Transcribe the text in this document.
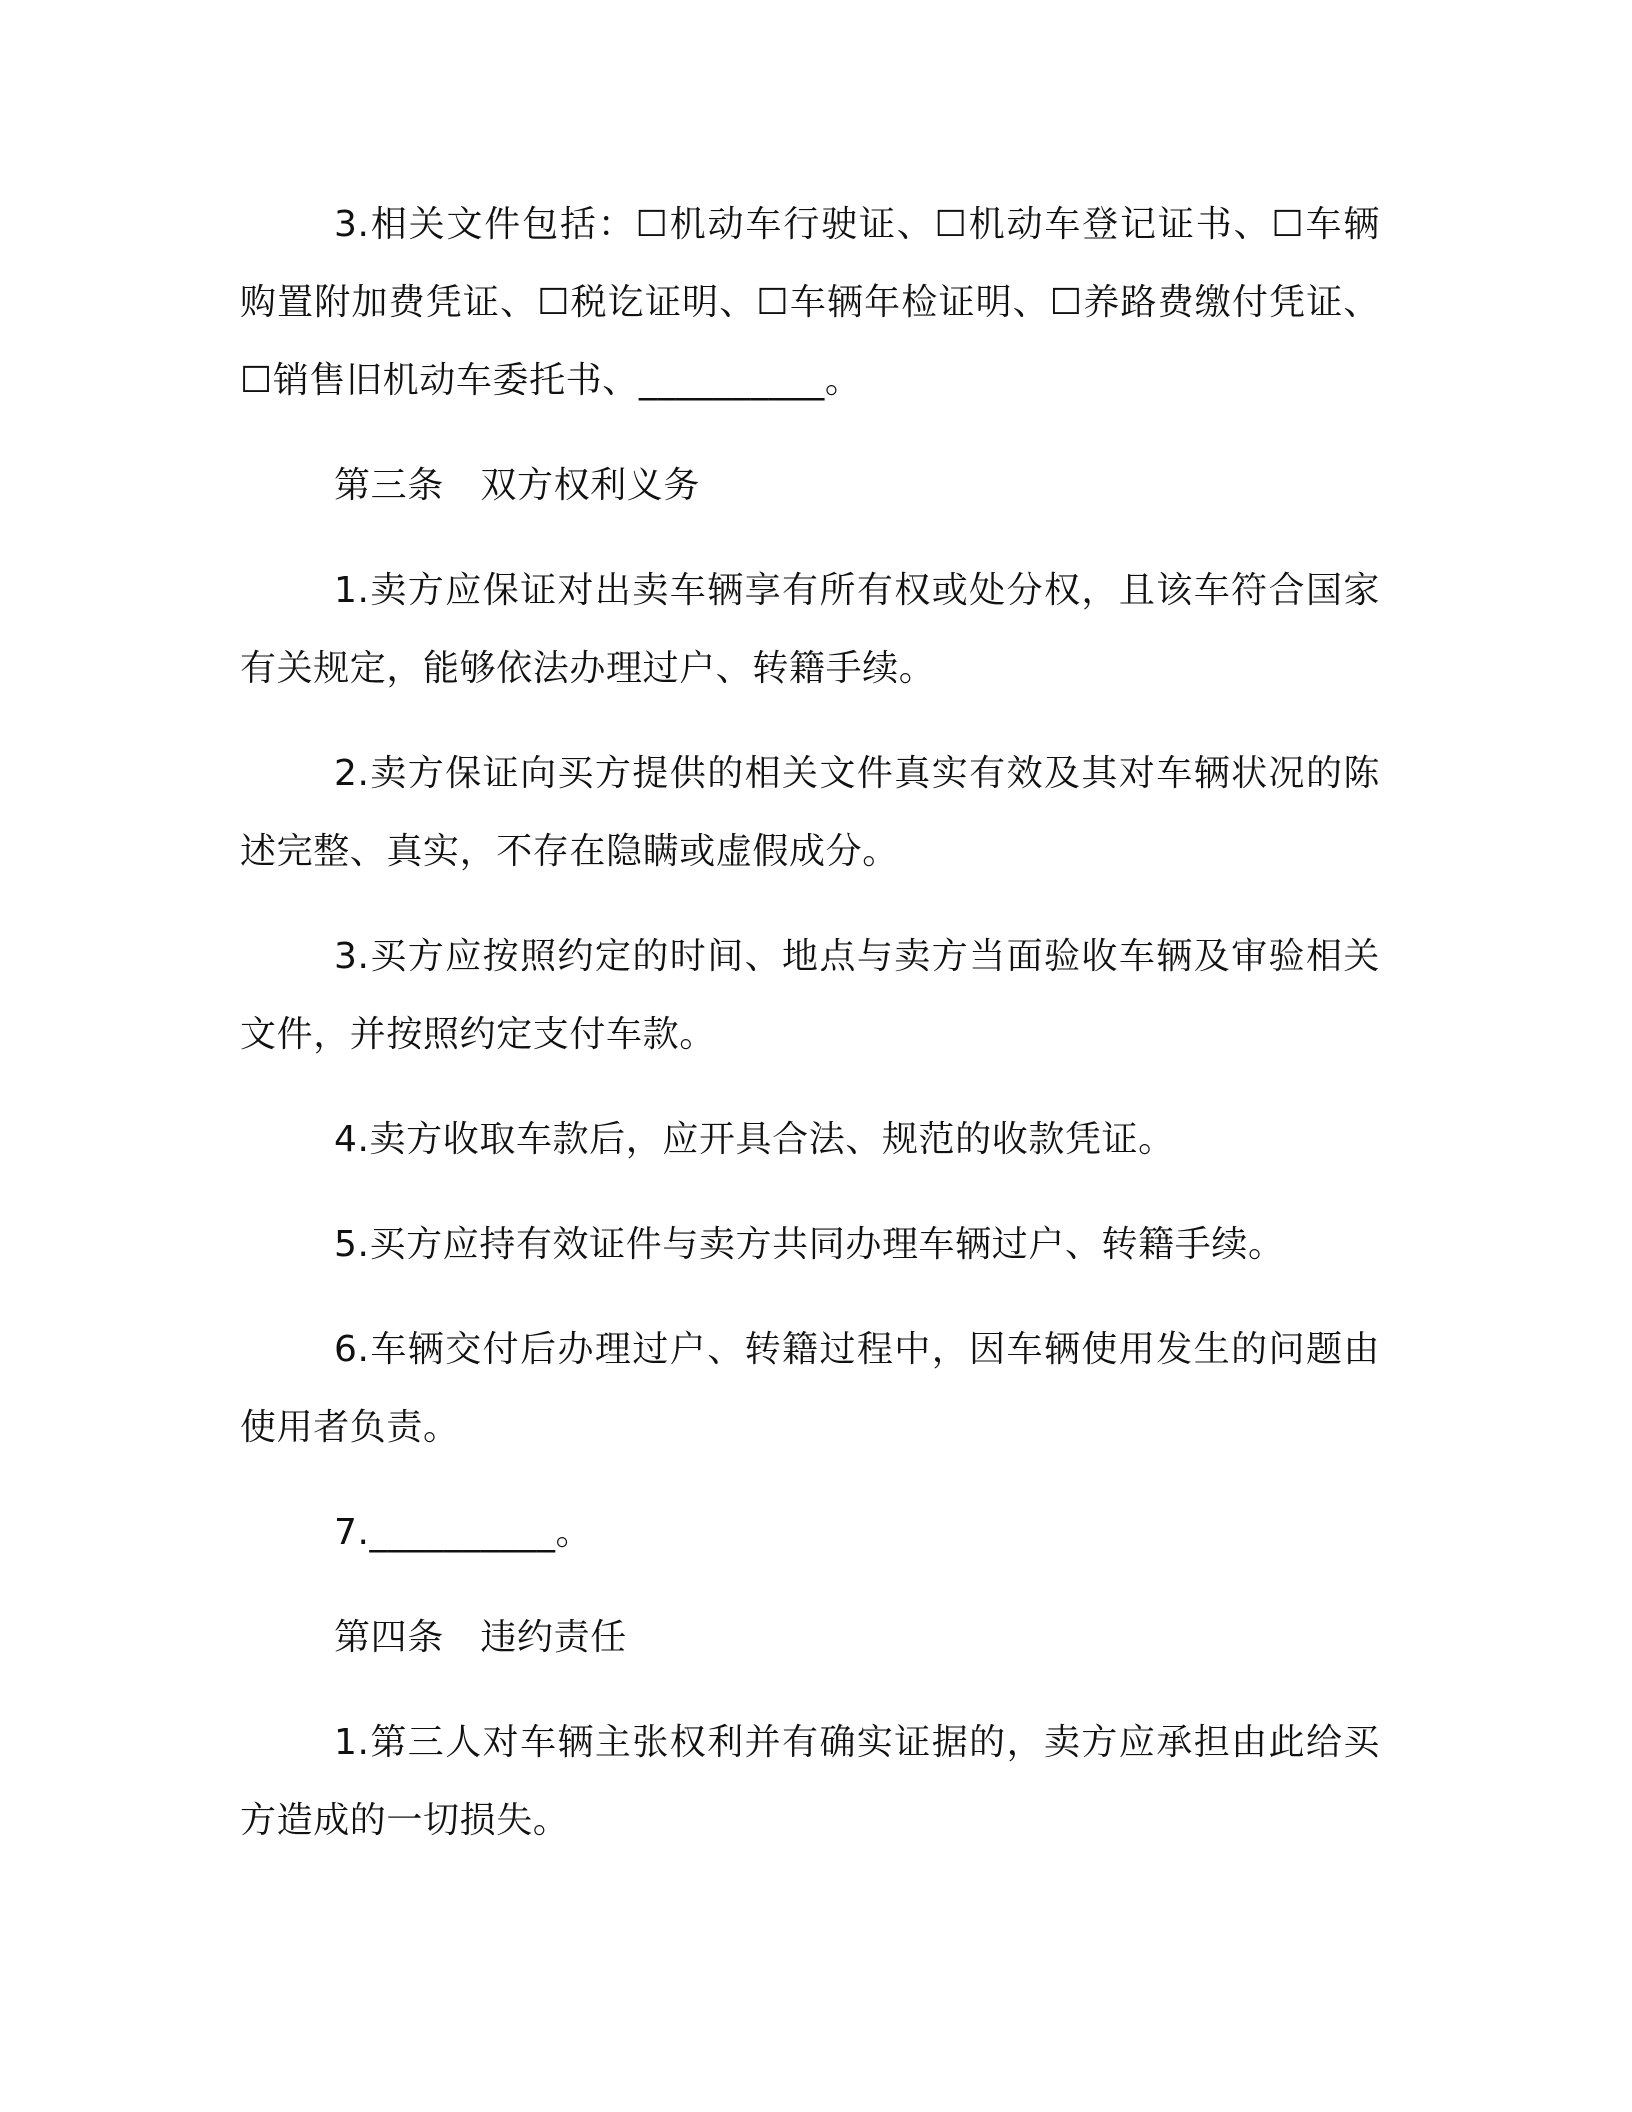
3.相关文件包括：☐机动车行驶证、☐机动车登记证书、☐车辆购置附加费凭证、☐税讫证明、☐车辆年检证明、☐养路费缴付凭证、☐销售旧机动车委托书、__________。

第三条　双方权利义务

1.卖方应保证对出卖车辆享有所有权或处分权，且该车符合国家有关规定，能够依法办理过户、转籍手续。

2.卖方保证向买方提供的相关文件真实有效及其对车辆状况的陈述完整、真实，不存在隐瞒或虚假成分。

3.买方应按照约定的时间、地点与卖方当面验收车辆及审验相关文件，并按照约定支付车款。

4.卖方收取车款后，应开具合法、规范的收款凭证。

5.买方应持有效证件与卖方共同办理车辆过户、转籍手续。

6.车辆交付后办理过户、转籍过程中，因车辆使用发生的问题由使用者负责。

7.__________。

第四条　违约责任

1.第三人对车辆主张权利并有确实证据的，卖方应承担由此给买方造成的一切损失。
